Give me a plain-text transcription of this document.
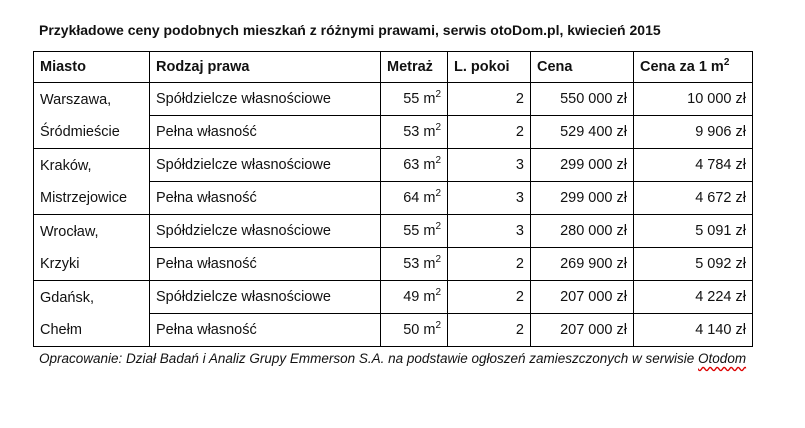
Przykładowe ceny podobnych mieszkań z różnymi prawami, serwis otoDom.pl, kwiecień 2015
Miasto	Rodzaj prawa	Metraż	L. pokoi	Cena	Cena za 1 $m^2$

Warszawa,
Śródmieście	Spółdzielcze własnościowe	55 $m^2$	2	550 000 zł	10 000 zł
	Pełna własność	53 $m^2$	2	529 400 zł	9 906 zł

Kraków,
Mistrzejowice	Spółdzielcze własnościowe	63 $m^2$	3	299 000 zł	4 784 zł
	Pełna własność	64 $m^2$	3	299 000 zł	4 672 zł

Wrocław,
Krzyki	Spółdzielcze własnościowe	55 $m^2$	3	280 000 zł	5 091 zł
	Pełna własność	53 $m^2$	2	269 900 zł	5 092 zł

Gdańsk,
Chełm	Spółdzielcze własnościowe	49 $m^2$	2	207 000 zł	4 224 zł
	Pełna własność	50 $m^2$	2	207 000 zł	4 140 zł
Opracowanie: Dział Badań i Analiz Grupy Emmerson S.A. na podstawie ogłoszeń zamieszczonych w serwisie Otodom
